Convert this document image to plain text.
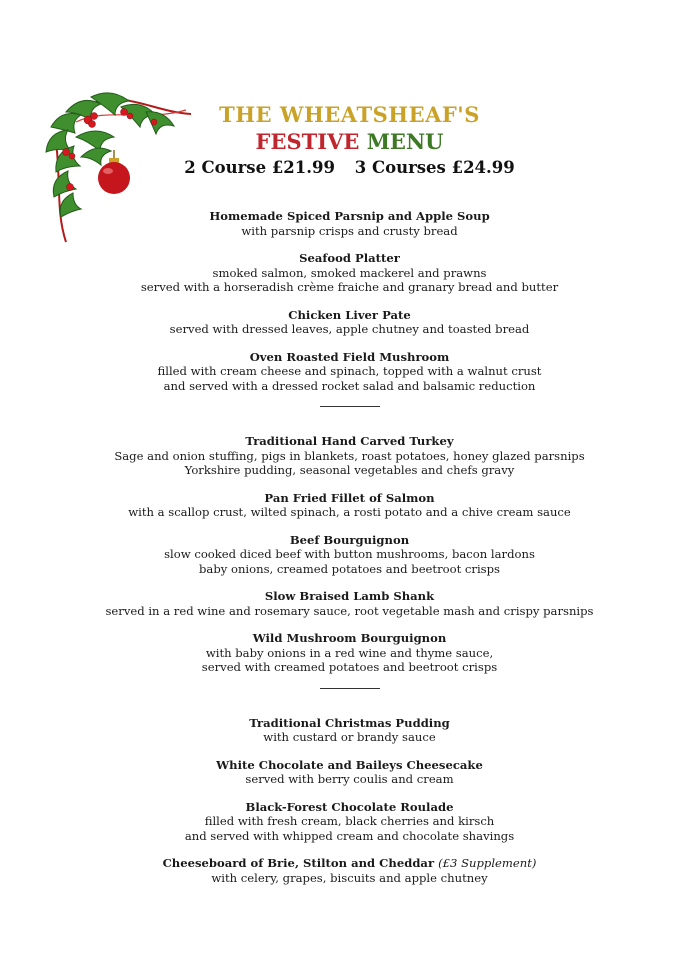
THE WHEATSHEAF'S
FESTIVE MENU
2 Course £21.99 3 Courses £24.99
Homemade Spiced Parsnip and Apple Soup
with parsnip crisps and crusty bread
Seafood Platter
smoked salmon, smoked mackerel and prawns
served with a horseradish crème fraiche and granary bread and butter
Chicken Liver Pate
served with dressed leaves, apple chutney and toasted bread
Oven Roasted Field Mushroom
filled with cream cheese and spinach, topped with a walnut crust
and served with a dressed rocket salad and balsamic reduction
Traditional Hand Carved Turkey
Sage and onion stuffing, pigs in blankets, roast potatoes, honey glazed parsnips
Yorkshire pudding, seasonal vegetables and chefs gravy
Pan Fried Fillet of Salmon
with a scallop crust, wilted spinach, a rosti potato and a chive cream sauce
Beef Bourguignon
slow cooked diced beef with button mushrooms, bacon lardons
baby onions, creamed potatoes and beetroot crisps
Slow Braised Lamb Shank
served in a red wine and rosemary sauce, root vegetable mash and crispy parsnips
Wild Mushroom Bourguignon
with baby onions in a red wine and thyme sauce,
served with creamed potatoes and beetroot crisps
Traditional Christmas Pudding
with custard or brandy sauce
White Chocolate and Baileys Cheesecake
served with berry coulis and cream
Black-Forest Chocolate Roulade
filled with fresh cream, black cherries and kirsch
and served with whipped cream and chocolate shavings
Cheeseboard of Brie, Stilton and Cheddar (£3 Supplement)
with celery, grapes, biscuits and apple chutney
